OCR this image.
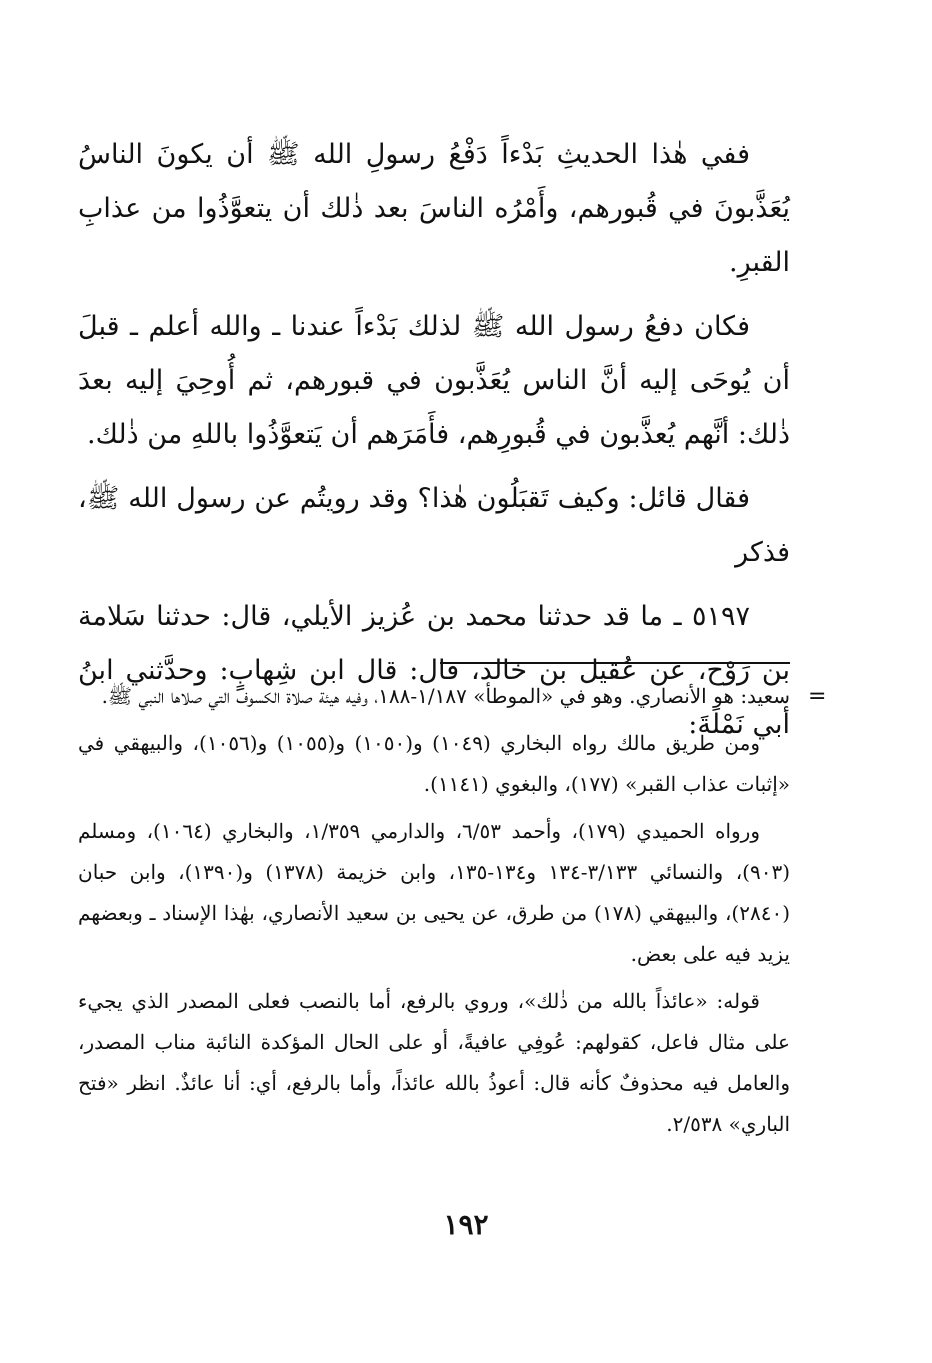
ففي هٰذا الحديثِ بَدْءاً دَفْعُ رسولِ الله ﷺ أن يكونَ الناسُ يُعَذَّبونَ في قُبورهم، وأَمْرُه الناسَ بعد ذٰلك أن يتعوَّذُوا من عذابِ القبرِ.

فكان دفعُ رسول الله ﷺ لذلك بَدْءاً عندنا ـ والله أعلم ـ قبلَ أن يُوحَى إليه أنَّ الناس يُعَذَّبون في قبورهم، ثم أُوحِيَ إليه بعدَ ذٰلك: أنَّهم يُعذَّبون في قُبورِهم، فأَمَرَهم أن يَتعوَّذُوا باللهِ من ذٰلك.

فقال قائل: وكيف تَقبَلُون هٰذا؟ وقد رويتُم عن رسول الله ﷺ، فذكر

٥١٩٧ ـ ما قد حدثنا محمد بن عُزيز الأيلي، قال: حدثنا سَلامة بن رَوْح، عن عُقيل بن خالد، قال: قال ابن شِهابٍ: وحدَّثني ابنُ أبي نَمْلَةَ:

=

سعيد: هو الأنصاري. وهو في «الموطأ» ١/١٨٧-١٨٨، وفيه هيئة صلاة الكسوف التي صلاها النبي ﷺ.

ومن طريق مالك رواه البخاري (١٠٤٩) و(١٠٥٠) و(١٠٥٥) و(١٠٥٦)، والبيهقي في «إثبات عذاب القبر» (١٧٧)، والبغوي (١١٤١).

ورواه الحميدي (١٧٩)، وأحمد ٦/٥٣، والدارمي ١/٣٥٩، والبخاري (١٠٦٤)، ومسلم (٩٠٣)، والنسائي ٣/١٣٣-١٣٤ و١٣٤-١٣٥، وابن خزيمة (١٣٧٨) و(١٣٩٠)، وابن حبان (٢٨٤٠)، والبيهقي (١٧٨) من طرق، عن يحيى بن سعيد الأنصاري، بهٰذا الإسناد ـ وبعضهم يزيد فيه على بعض.

قوله: «عائذاً بالله من ذٰلك»، وروي بالرفع، أما بالنصب فعلى المصدر الذي يجيء على مثال فاعل، كقولهم: عُوفِي عافيةً، أو على الحال المؤكدة النائبة مناب المصدر، والعامل فيه محذوفٌ كأنه قال: أعوذُ بالله عائذاً، وأما بالرفع، أي: أنا عائذٌ. انظر «فتح الباري» ٢/٥٣٨.

١٩٢
